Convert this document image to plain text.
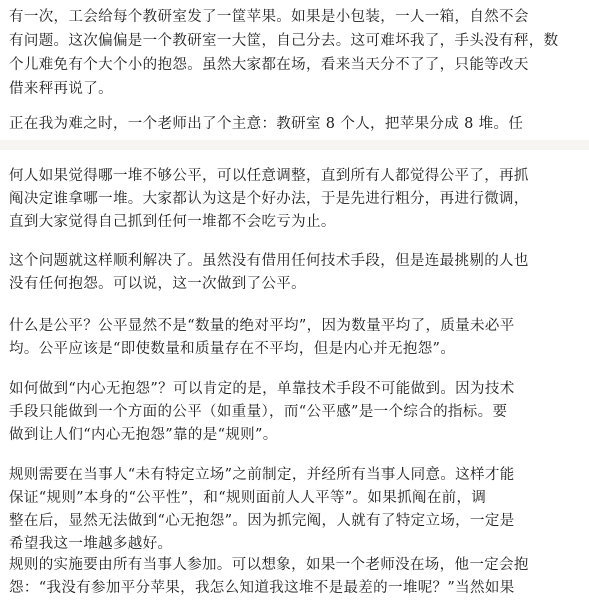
有一次，工会给每个教研室发了一筐苹果。如果是小包装，一人一箱，自然不会

有问题。这次偏偏是一个教研室一大筐，自己分去。这可难坏我了，手头没有秤，数

个儿难免有个大个小的抱怨。虽然大家都在场，看来当天分不了了，只能等改天

借来秤再说了。

正在我为难之时，一个老师出了个主意：教研室 8 个人，把苹果分成 8 堆。任

何人如果觉得哪一堆不够公平，可以任意调整，直到所有人都觉得公平了，再抓

阄决定谁拿哪一堆。大家都认为这是个好办法，于是先进行粗分，再进行微调，

直到大家觉得自己抓到任何一堆都不会吃亏为止。

这个问题就这样顺利解决了。虽然没有借用任何技术手段，但是连最挑剔的人也

没有任何抱怨。可以说，这一次做到了公平。

什么是公平？公平显然不是“数量的绝对平均”，因为数量平均了，质量未必平

均。公平应该是“即使数量和质量存在不平均，但是内心并无抱怨”。

如何做到“内心无抱怨”？可以肯定的是，单靠技术手段不可能做到。因为技术

手段只能做到一个方面的公平（如重量），而“公平感”是一个综合的指标。要

做到让人们“内心无抱怨”靠的是“规则”。

规则需要在当事人“未有特定立场”之前制定，并经所有当事人同意。这样才能

保证“规则”本身的“公平性”，和“规则面前人人平等”。如果抓阄在前，调

整在后，显然无法做到“心无抱怨”。因为抓完阄，人就有了特定立场，一定是

希望我这一堆越多越好。

规则的实施要由所有当事人参加。可以想象，如果一个老师没在场，他一定会抱

怨：“我没有参加平分苹果，我怎么知道我这堆不是最差的一堆呢？”当然如果
